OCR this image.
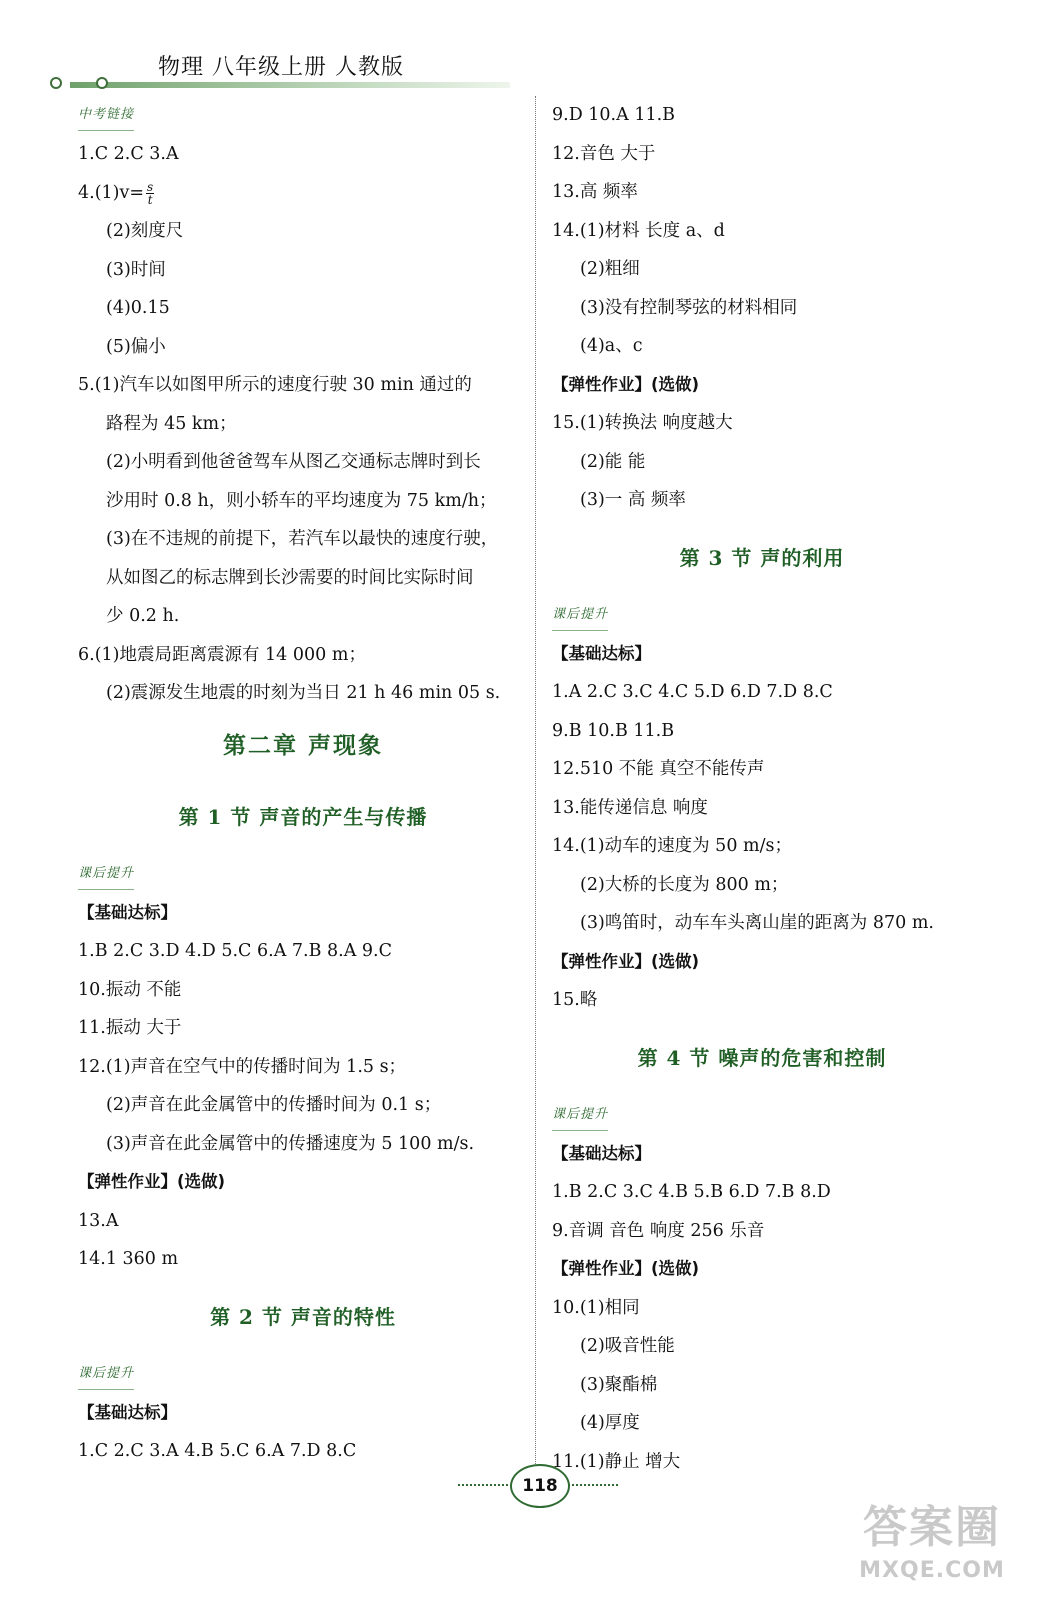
物理 八年级上册 人教版
中考链接
1.C 2.C 3.A
$4.(1)v= \frac{s}{t}$
(2)刻度尺
(3)时间
(4)0.15
(5)偏小
5.(1)汽车以如图甲所示的速度行驶 30 min 通过的
路程为 45 km；
(2)小明看到他爸爸驾车从图乙交通标志牌时到长
沙用时 0.8 h，则小轿车的平均速度为 75 km/h；
(3)在不违规的前提下，若汽车以最快的速度行驶，
从如图乙的标志牌到长沙需要的时间比实际时间
少 0.2 h.
6.(1)地震局距离震源有 14 000 m；
(2)震源发生地震的时刻为当日 21 h 46 min 05 s.
第二章 声现象
第 1 节 声音的产生与传播
课后提升
【基础达标】
1.B 2.C 3.D 4.D 5.C 6.A 7.B 8.A 9.C
10.振动 不能
11.振动 大于
12.(1)声音在空气中的传播时间为 1.5 s；
(2)声音在此金属管中的传播时间为 0.1 s；
(3)声音在此金属管中的传播速度为 5 100 m/s.
【弹性作业】(选做)
13.A
14.1 360 m
第 2 节 声音的特性
课后提升
【基础达标】
1.C 2.C 3.A 4.B 5.C 6.A 7.D 8.C
9.D 10.A 11.B
12.音色 大于
13.高 频率
14.(1)材料 长度 a、d
(2)粗细
(3)没有控制琴弦的材料相同
(4)a、c
【弹性作业】(选做)
15.(1)转换法 响度越大
(2)能 能
(3)一 高 频率
第 3 节 声的利用
课后提升
【基础达标】
1.A 2.C 3.C 4.C 5.D 6.D 7.D 8.C
9.B 10.B 11.B
12.510 不能 真空不能传声
13.能传递信息 响度
14.(1)动车的速度为 50 m/s；
(2)大桥的长度为 800 m；
(3)鸣笛时，动车车头离山崖的距离为 870 m.
【弹性作业】(选做)
15.略
第 4 节 噪声的危害和控制
课后提升
【基础达标】
1.B 2.C 3.C 4.B 5.B 6.D 7.B 8.D
9.音调 音色 响度 256 乐音
【弹性作业】(选做)
10.(1)相同
(2)吸音性能
(3)聚酯棉
(4)厚度
11.(1)静止 增大
118
答案圈
MXQE.COM
